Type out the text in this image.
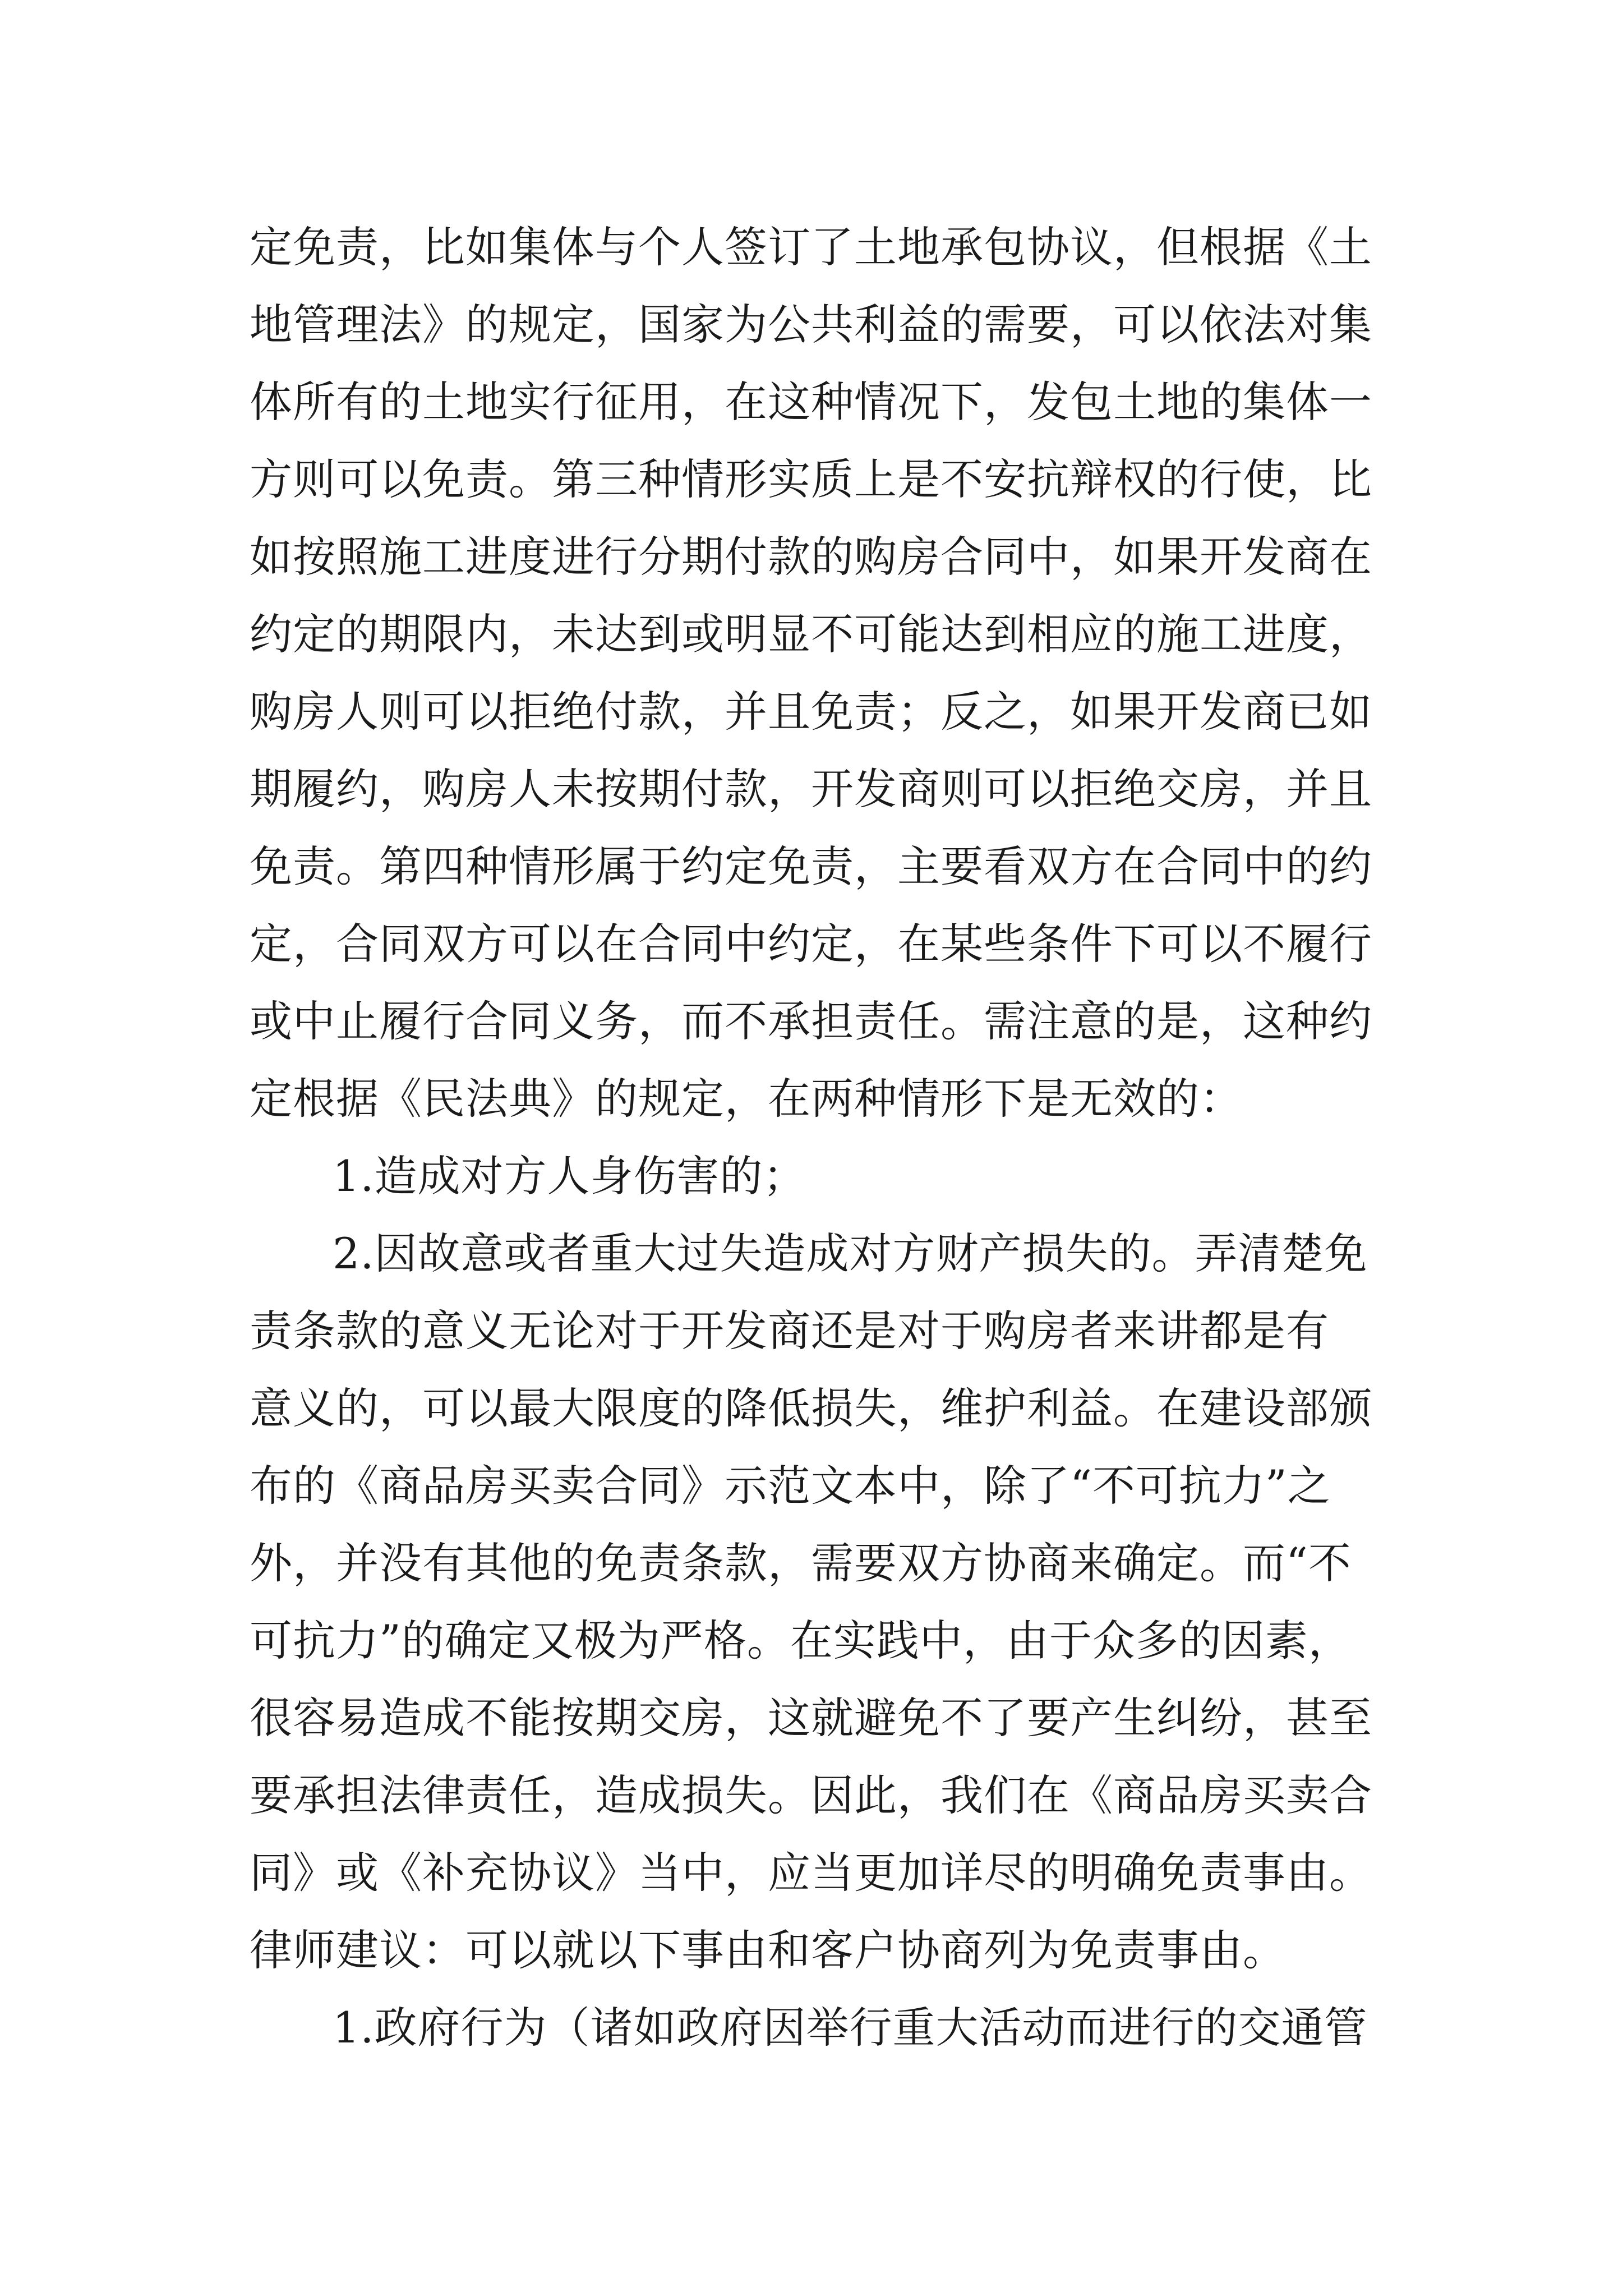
定免责，比如集体与个人签订了土地承包协议，但根据《土
地管理法》的规定，国家为公共利益的需要，可以依法对集
体所有的土地实行征用，在这种情况下，发包土地的集体一
方则可以免责。第三种情形实质上是不安抗辩权的行使，比
如按照施工进度进行分期付款的购房合同中，如果开发商在
约定的期限内，未达到或明显不可能达到相应的施工进度，
购房人则可以拒绝付款，并且免责；反之，如果开发商已如
期履约，购房人未按期付款，开发商则可以拒绝交房，并且
免责。第四种情形属于约定免责，主要看双方在合同中的约
定，合同双方可以在合同中约定，在某些条件下可以不履行
或中止履行合同义务，而不承担责任。需注意的是，这种约
定根据《民法典》的规定，在两种情形下是无效的：
1.造成对方人身伤害的；
2.因故意或者重大过失造成对方财产损失的。弄清楚免
责条款的意义无论对于开发商还是对于购房者来讲都是有
意义的，可以最大限度的降低损失，维护利益。在建设部颁
布的《商品房买卖合同》示范文本中，除了“不可抗力”之
外，并没有其他的免责条款，需要双方协商来确定。而“不
可抗力”的确定又极为严格。在实践中，由于众多的因素，
很容易造成不能按期交房，这就避免不了要产生纠纷，甚至
要承担法律责任，造成损失。因此，我们在《商品房买卖合
同》或《补充协议》当中，应当更加详尽的明确免责事由。
律师建议：可以就以下事由和客户协商列为免责事由。
1.政府行为（诸如政府因举行重大活动而进行的交通管
